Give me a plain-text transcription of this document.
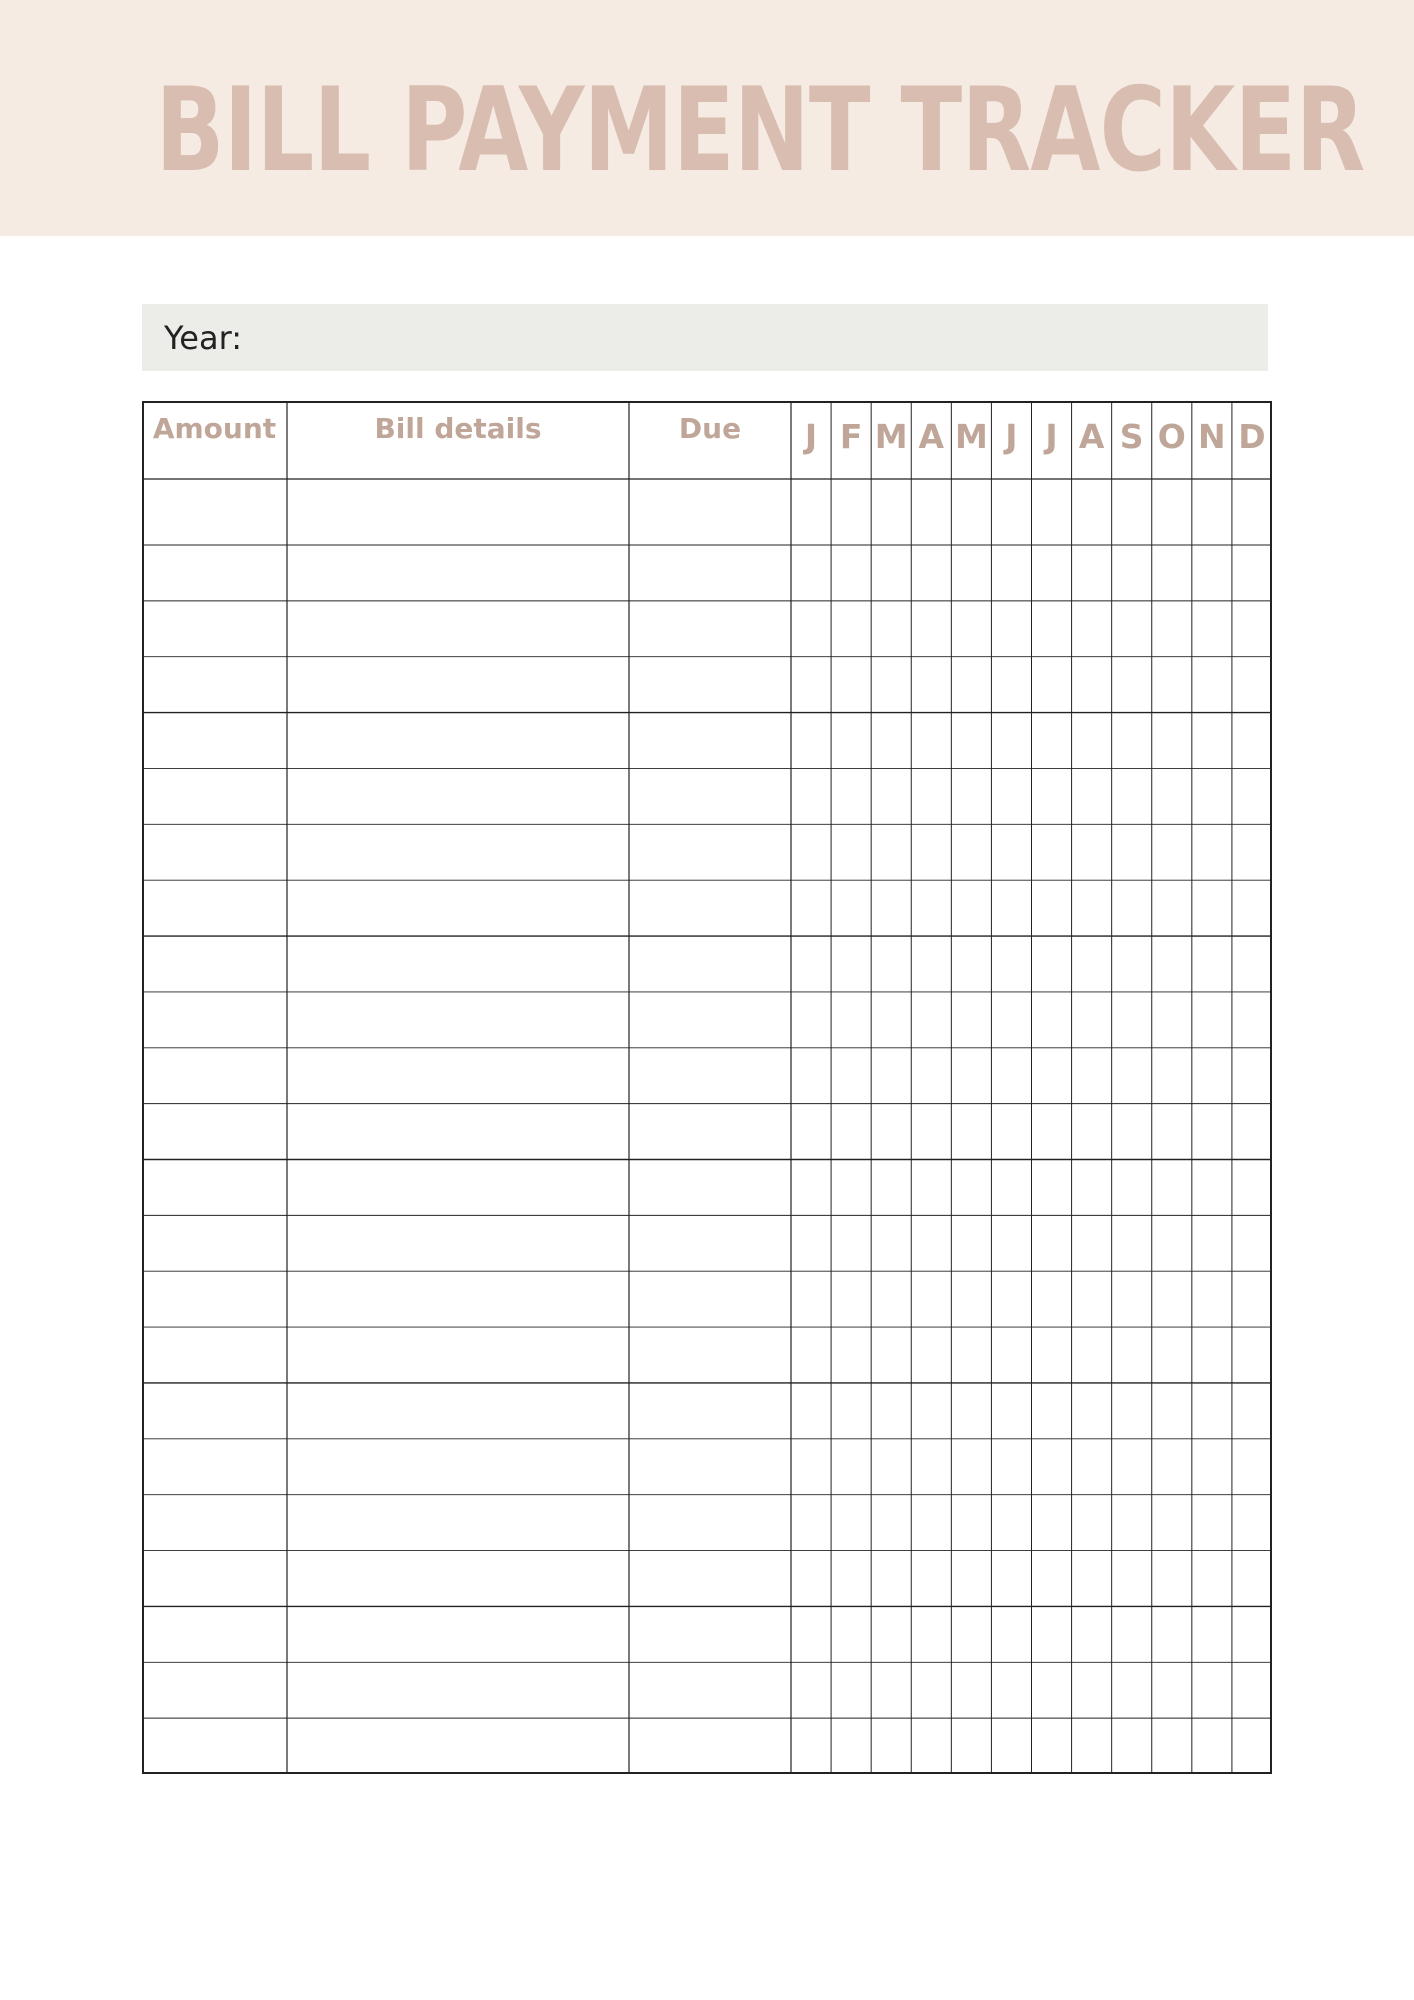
BILL PAYMENT TRACKER
Year:
Amount	Bill details	Due	J F M A M J J A S O N D
